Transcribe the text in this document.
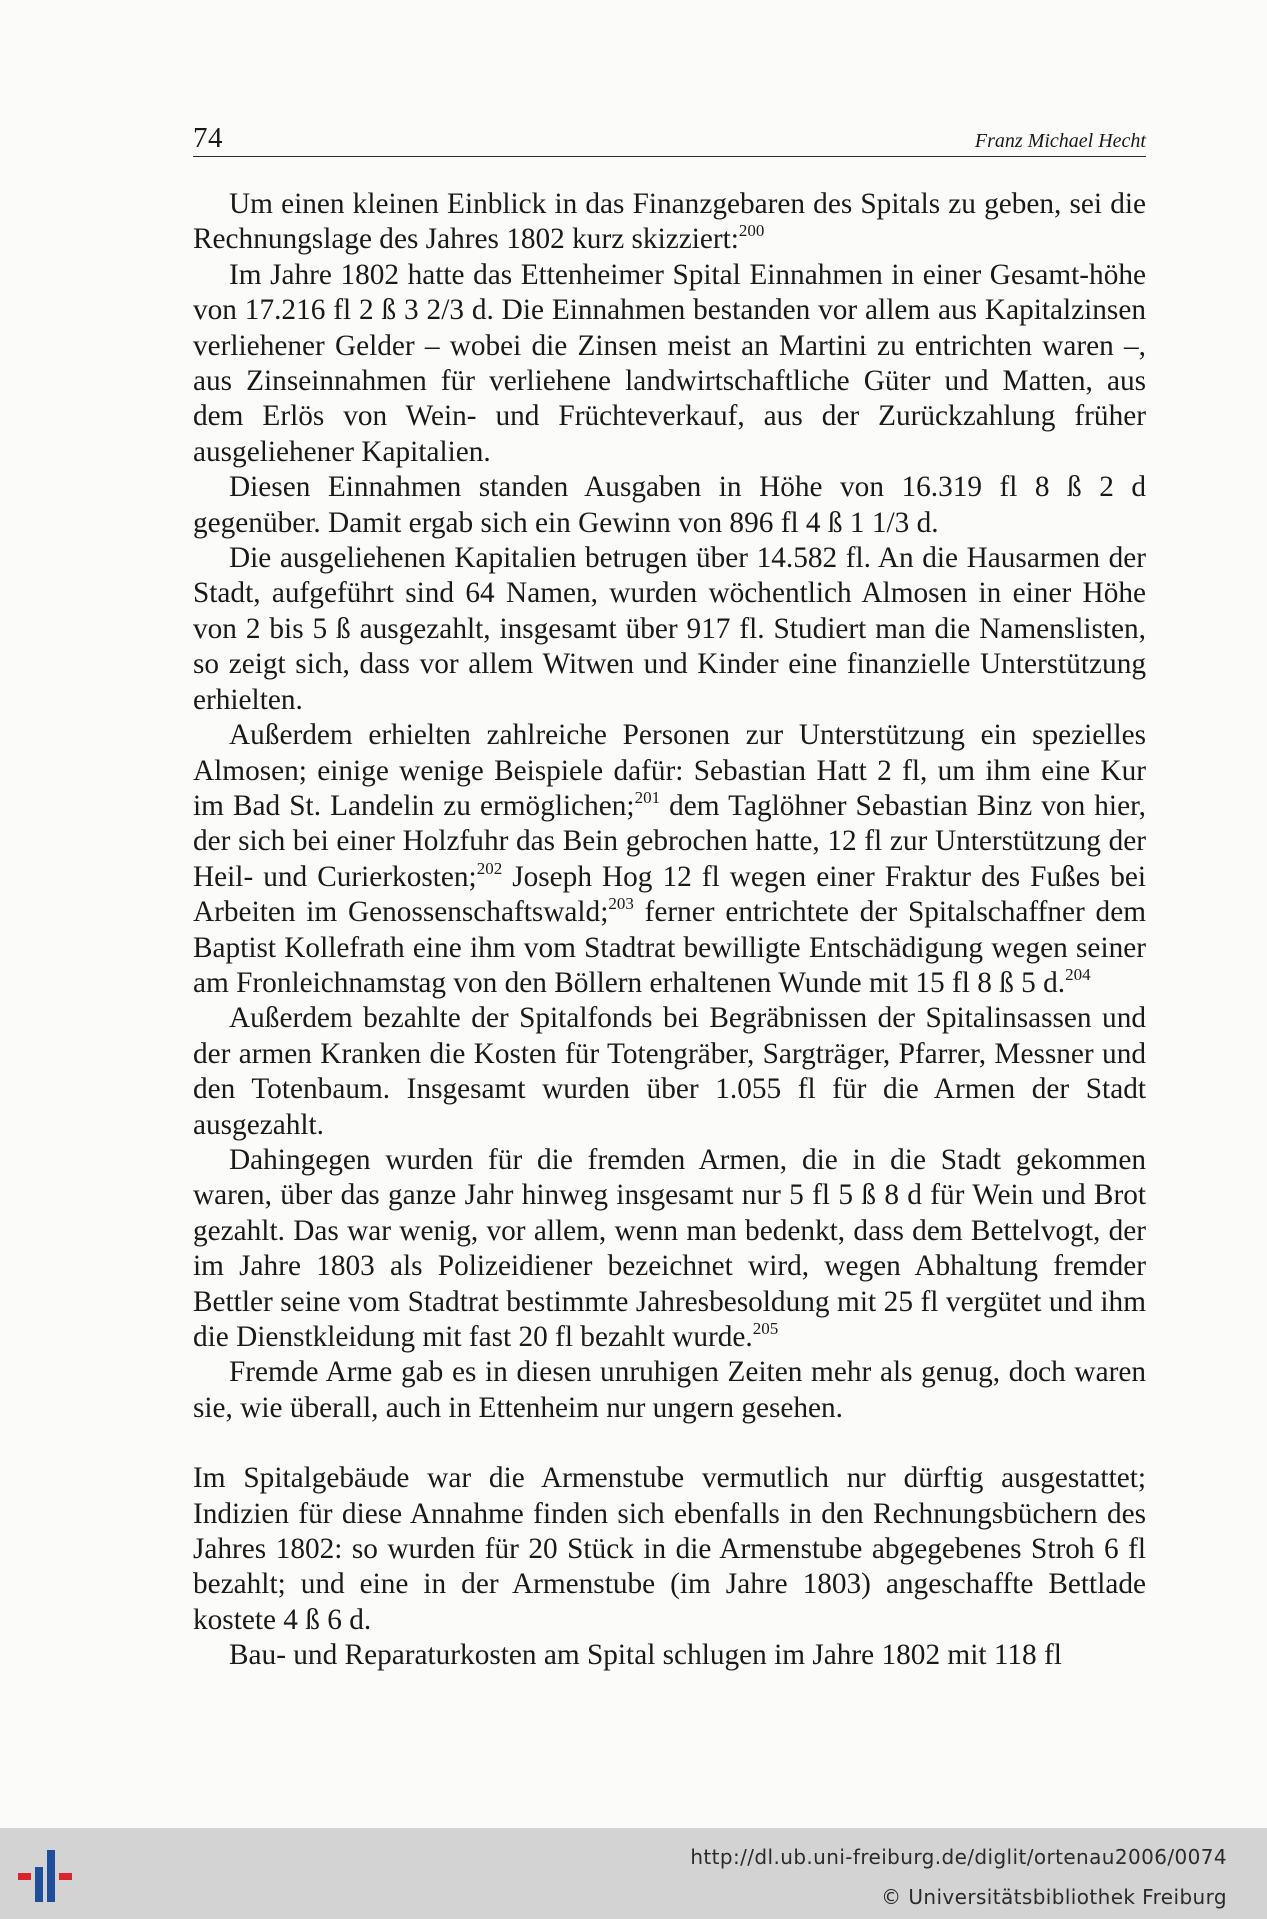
74	Franz Michael Hecht

Um einen kleinen Einblick in das Finanzgebaren des Spitals zu geben, sei die Rechnungslage des Jahres 1802 kurz skizziert:$^{200}$

Im Jahre 1802 hatte das Ettenheimer Spital Einnahmen in einer Gesamt-höhe von 17.216 fl 2 ß 3 2/3 d. Die Einnahmen bestanden vor allem aus Kapitalzinsen verliehener Gelder – wobei die Zinsen meist an Martini zu entrichten waren –, aus Zinseinnahmen für verliehene landwirtschaftliche Güter und Matten, aus dem Erlös von Wein- und Früchteverkauf, aus der Zurückzahlung früher ausgeliehener Kapitalien.

Diesen Einnahmen standen Ausgaben in Höhe von 16.319 fl 8 ß 2 d gegenüber. Damit ergab sich ein Gewinn von 896 fl 4 ß 1 1/3 d.

Die ausgeliehenen Kapitalien betrugen über 14.582 fl. An die Hausarmen der Stadt, aufgeführt sind 64 Namen, wurden wöchentlich Almosen in einer Höhe von 2 bis 5 ß ausgezahlt, insgesamt über 917 fl. Studiert man die Namenslisten, so zeigt sich, dass vor allem Witwen und Kinder eine finanzielle Unterstützung erhielten.

Außerdem erhielten zahlreiche Personen zur Unterstützung ein spezielles Almosen; einige wenige Beispiele dafür: Sebastian Hatt 2 fl, um ihm eine Kur im Bad St. Landelin zu ermöglichen;$^{201}$ dem Taglöhner Sebastian Binz von hier, der sich bei einer Holzfuhr das Bein gebrochen hatte, 12 fl zur Unterstützung der Heil- und Curierkosten;$^{202}$ Joseph Hog 12 fl wegen einer Fraktur des Fußes bei Arbeiten im Genossenschaftswald;$^{203}$ ferner entrichtete der Spitalschaffner dem Baptist Kollefrath eine ihm vom Stadtrat bewilligte Entschädigung wegen seiner am Fronleichnamstag von den Böllern erhaltenen Wunde mit 15 fl 8 ß 5 d.$^{204}$

Außerdem bezahlte der Spitalfonds bei Begräbnissen der Spitalinsassen und der armen Kranken die Kosten für Totengräber, Sargträger, Pfarrer, Messner und den Totenbaum. Insgesamt wurden über 1.055 fl für die Armen der Stadt ausgezahlt.

Dahingegen wurden für die fremden Armen, die in die Stadt gekommen waren, über das ganze Jahr hinweg insgesamt nur 5 fl 5 ß 8 d für Wein und Brot gezahlt. Das war wenig, vor allem, wenn man bedenkt, dass dem Bettelvogt, der im Jahre 1803 als Polizeidiener bezeichnet wird, wegen Abhaltung fremder Bettler seine vom Stadtrat bestimmte Jahresbesoldung mit 25 fl vergütet und ihm die Dienstkleidung mit fast 20 fl bezahlt wurde.$^{205}$

Fremde Arme gab es in diesen unruhigen Zeiten mehr als genug, doch waren sie, wie überall, auch in Ettenheim nur ungern gesehen.

Im Spitalgebäude war die Armenstube vermutlich nur dürftig ausgestattet; Indizien für diese Annahme finden sich ebenfalls in den Rechnungsbüchern des Jahres 1802: so wurden für 20 Stück in die Armenstube abgegebenes Stroh 6 fl bezahlt; und eine in der Armenstube (im Jahre 1803) angeschaffte Bettlade kostete 4 ß 6 d.

Bau- und Reparaturkosten am Spital schlugen im Jahre 1802 mit 118 fl

http://dl.ub.uni-freiburg.de/diglit/ortenau2006/0074
© Universitätsbibliothek Freiburg
